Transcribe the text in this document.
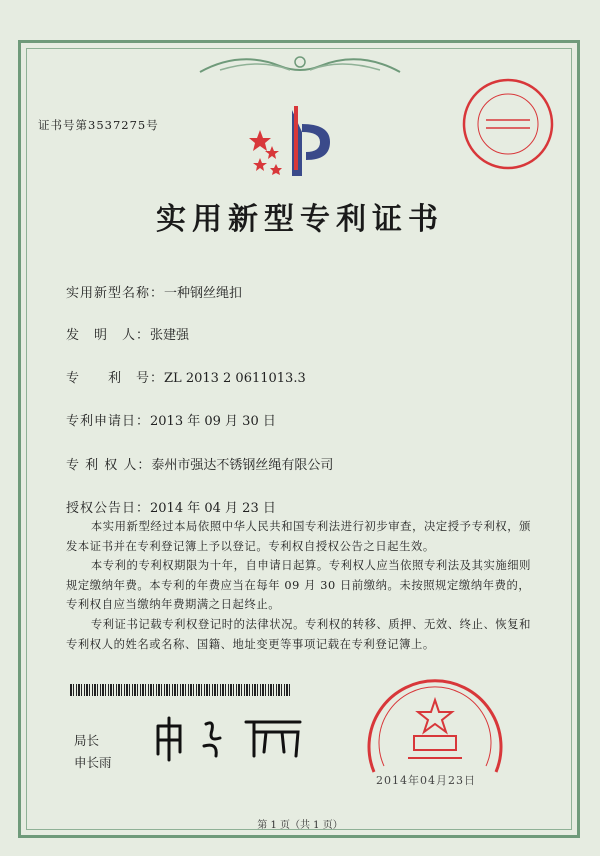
证书号第3537275号
实用新型专利证书
实用新型名称：一种钢丝绳扣
发　明　人：张建强
专　　利　号：ZL 2013 2 0611013.3
专利申请日：2013 年 09 月 30 日
专 利 权 人：泰州市强达不锈钢丝绳有限公司
授权公告日：2014 年 04 月 23 日

本实用新型经过本局依照中华人民共和国专利法进行初步审查，决定授予专利权，颁发本证书并在专利登记簿上予以登记。专利权自授权公告之日起生效。

本专利的专利权期限为十年，自申请日起算。专利权人应当依照专利法及其实施细则规定缴纳年费。本专利的年费应当在每年 09 月 30 日前缴纳。未按照规定缴纳年费的，专利权自应当缴纳年费期满之日起终止。

专利证书记载专利权登记时的法律状况。专利权的转移、质押、无效、终止、恢复和专利权人的姓名或名称、国籍、地址变更等事项记载在专利登记簿上。

局长
申长雨
2014年04月23日
第 1 页（共 1 页）
